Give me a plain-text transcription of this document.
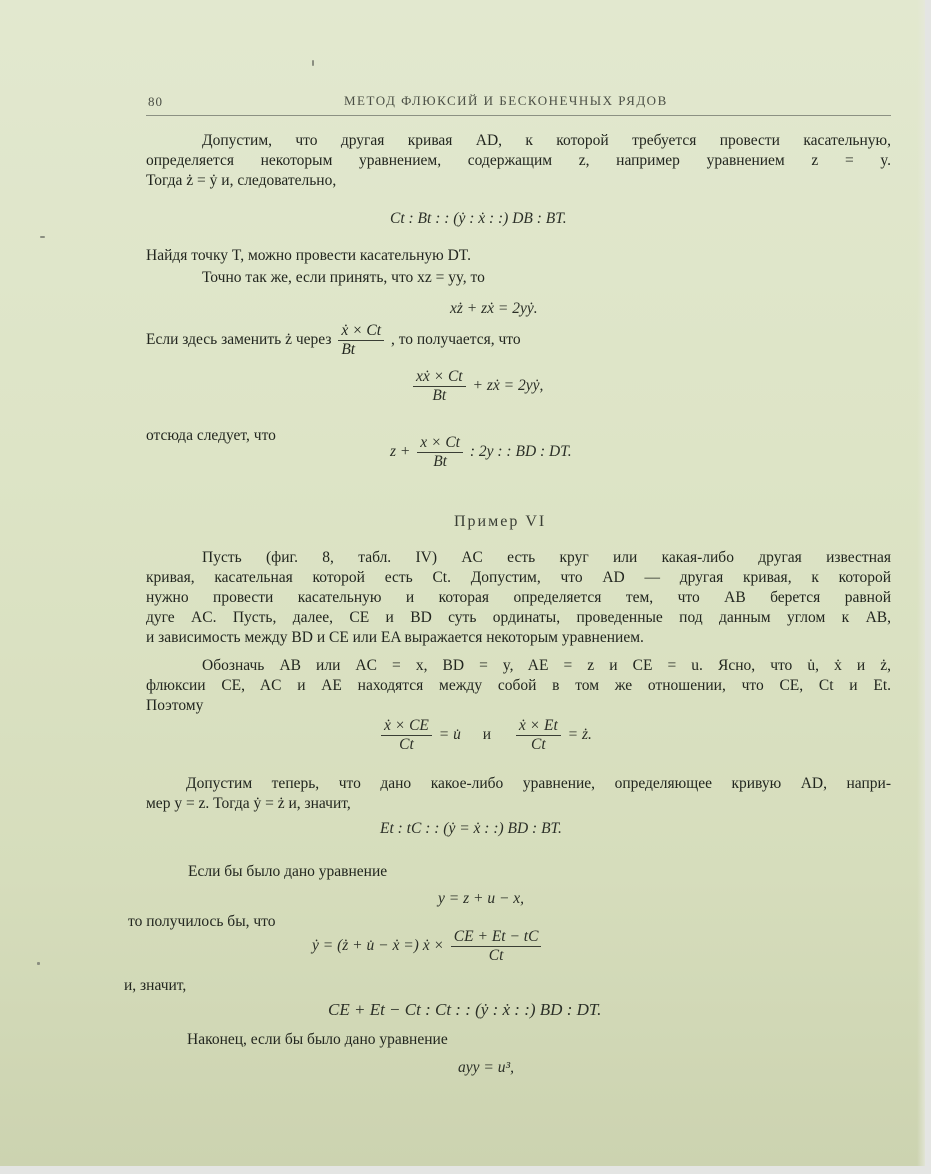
80	МЕТОД ФЛЮКСИЙ И БЕСКОНЕЧНЫХ РЯДОВ
Допустим, что другая кривая AD, к которой требуется провести касательную,
определяется некоторым уравнением, содержащим z, например уравнением z = y.
Тогда ż = ẏ и, следовательно,
Ct : Bt : : (ẏ : ẋ : :) DB : BT.
Найдя точку T, можно провести касательную DT.
Точно так же, если принять, что xz = yy, то
xż + zẋ = 2yẏ.
Если здесь заменить ż через $\frac{\text{ẋ × Ct}}{Bt}$ , то получается, что
$\frac{\text{xẋ × Ct}}{Bt}$ + zẋ = 2yẏ,
отсюда следует, что
$z + \frac{x \times Ct}{Bt}$ : 2y : : BD : DT.
Пример VI
Пусть (фиг. 8, табл. IV) AC есть круг или какая-либо другая известная
кривая, касательная которой есть Ct. Допустим, что AD — другая кривая, к которой
нужно провести касательную и которая определяется тем, что AB берется равной
дуге AC. Пусть, далее, CE и BD суть ординаты, проведенные под данным углом к AB,
и зависимость между BD и CE или EA выражается некоторым уравнением.
Обозначь AB или AC = x, BD = y, AE = z и CE = u. Ясно, что u̇, ẋ и ż,
флюксии CE, AC и AE находятся между собой в том же отношении, что CE, Ct и Et.
Поэтому
$\frac{\text{ẋ × CE}}{Ct}$ = u̇ и $\frac{\text{ẋ × Et}}{Ct}$ = ż.
Допустим теперь, что дано какое-либо уравнение, определяющее кривую AD, напри-
мер y = z. Тогда ẏ = ż и, значит,
Et : tC : : (ẏ = ẋ : :) BD : BT.
Если бы было дано уравнение
y = z + u − x,
то получилось бы, что
ẏ = (ż + u̇ − ẋ =) ẋ × $\frac{CE + Et - tC}{Ct}$
и, значит,
CE + Et − Ct : Ct : : (ẏ : ẋ : :) BD : DT.
Наконец, если бы было дано уравнение
ayy = u³,
